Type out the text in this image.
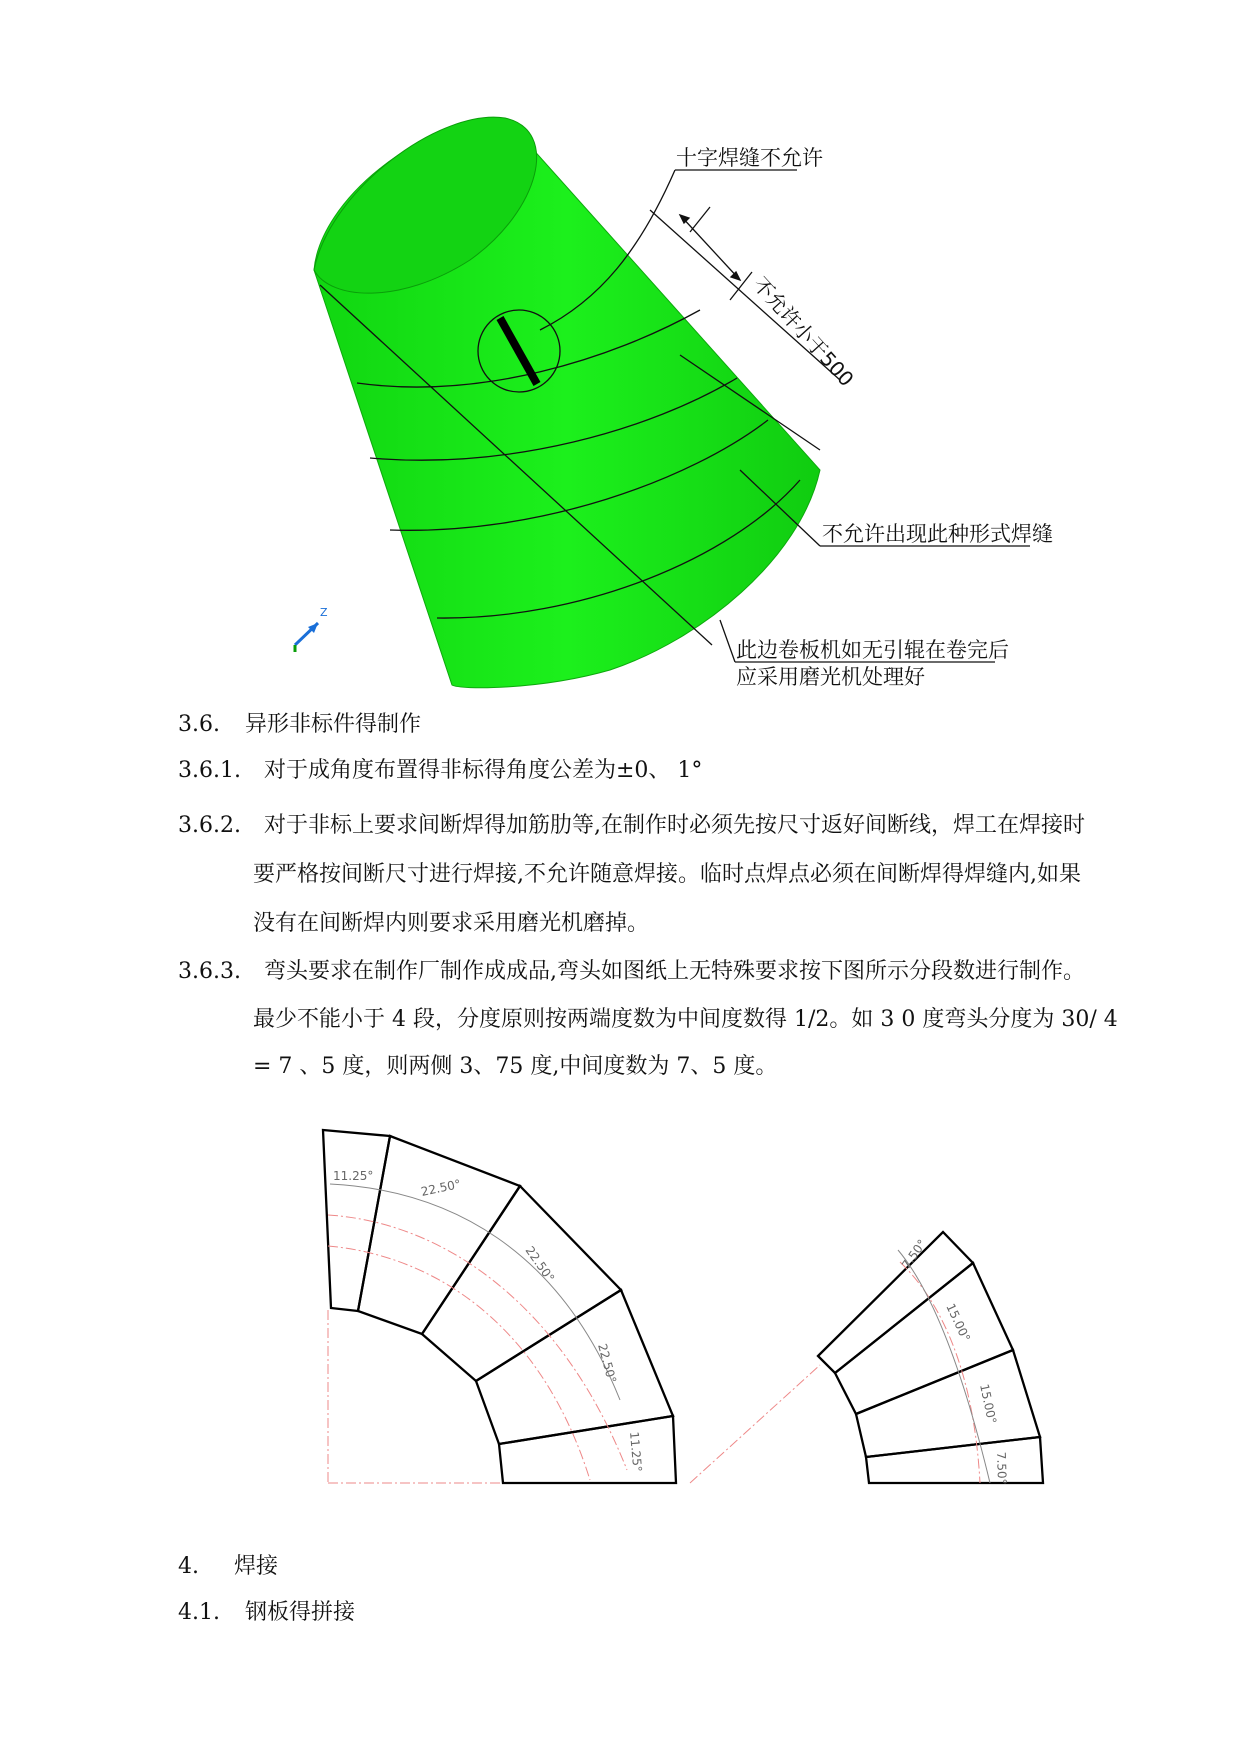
十字焊缝不允许
不允许小于500
不允许出现此种形式焊缝
此边卷板机如无引辊在卷完后
应采用磨光机处理好
Z
3.6. 异形非标件得制作
3.6.1. 对于成角度布置得非标得角度公差为±0、 1°
3.6.2. 对于非标上要求间断焊得加筋肋等,在制作时必须先按尺寸返好间断线，焊工在焊接时
要严格按间断尺寸进行焊接,不允许随意焊接。临时点焊点必须在间断焊得焊缝内,如果
没有在间断焊内则要求采用磨光机磨掉。
3.6.3. 弯头要求在制作厂制作成成品,弯头如图纸上无特殊要求按下图所示分段数进行制作。
最少不能小于 4 段，分度原则按两端度数为中间度数得 1/2。如 3 0 度弯头分度为 30/ 4
= 7 、5 度，则两侧 3、75 度,中间度数为 7、5 度。
11.25°
22.50°
22.50°
22.50°
11.25°
7.50°
15.00°
15.00°
7.50°
4. 焊接
4.1. 钢板得拼接
